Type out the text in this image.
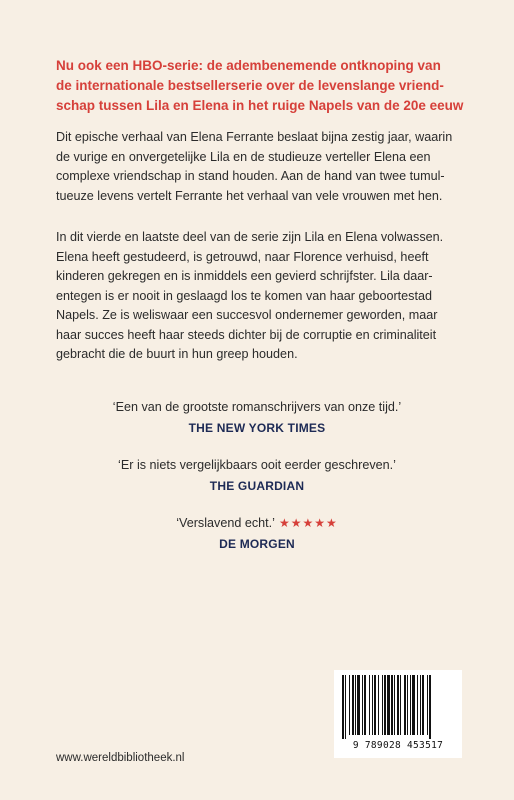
Nu ook een HBO-serie: de adembenemende ontknoping van
de internationale bestsellerserie over de levenslange vriend-
schap tussen Lila en Elena in het ruige Napels van de 20e eeuw
Dit epische verhaal van Elena Ferrante beslaat bijna zestig jaar, waarin
de vurige en onvergetelijke Lila en de studieuze verteller Elena een
complexe vriendschap in stand houden. Aan de hand van twee tumul-
tueuze levens vertelt Ferrante het verhaal van vele vrouwen met hen.
In dit vierde en laatste deel van de serie zijn Lila en Elena volwassen.
Elena heeft gestudeerd, is getrouwd, naar Florence verhuisd, heeft
kinderen gekregen en is inmiddels een gevierd schrijfster. Lila daar-
entegen is er nooit in geslaagd los te komen van haar geboortestad
Napels. Ze is weliswaar een succesvol ondernemer geworden, maar
haar succes heeft haar steeds dichter bij de corruptie en criminaliteit
gebracht die de buurt in hun greep houden.
‘Een van de grootste romanschrijvers van onze tijd.’
THE NEW YORK TIMES
‘Er is niets vergelijkbaars ooit eerder geschreven.’
THE GUARDIAN
‘Verslavend echt.’ ★★★★★
DE MORGEN
www.wereldbibliotheek.nl
9 789028 453517
